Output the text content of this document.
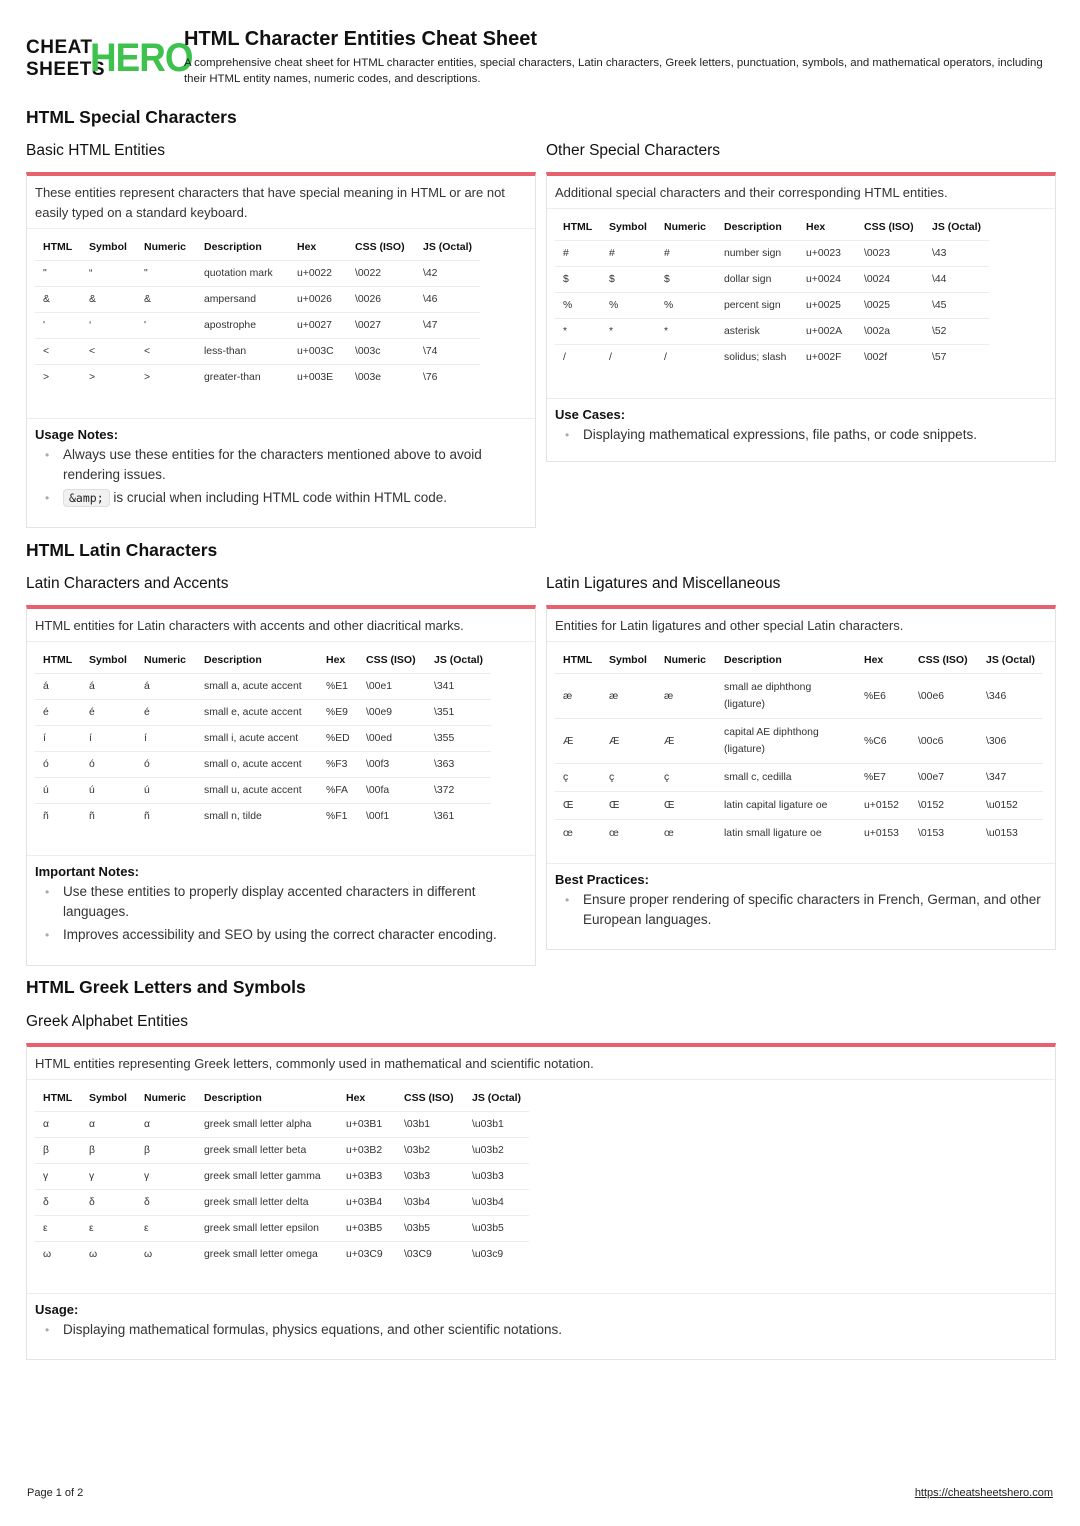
CHEAT
SHEETS
HERO
HTML Character Entities Cheat Sheet
A comprehensive cheat sheet for HTML character entities, special characters, Latin characters, Greek letters, punctuation, symbols, and mathematical operators, including their HTML entity names, numeric codes, and descriptions.
HTML Special Characters
Basic HTML Entities
These entities represent characters that have special meaning in HTML or are not easily typed on a standard keyboard.
HTML	Symbol	Numeric	Description	Hex	CSS (ISO)	JS (Octal)
"	“	"	quotation mark	u+0022	\0022	\42
&	&	&	ampersand	u+0026	\0026	\46
'	‘	'	apostrophe	u+0027	\0027	\47
<	<	<	less-than	u+003C	\003c	\74
>	>	>	greater-than	u+003E	\003e	\76
Usage Notes:
• Always use these entities for the characters mentioned above to avoid rendering issues.
• &amp; is crucial when including HTML code within HTML code.
Other Special Characters
Additional special characters and their corresponding HTML entities.
HTML	Symbol	Numeric	Description	Hex	CSS (ISO)	JS (Octal)
#	#	#	number sign	u+0023	\0023	\43
$	$	$	dollar sign	u+0024	\0024	\44
%	%	%	percent sign	u+0025	\0025	\45
*	*	*	asterisk	u+002A	\002a	\52
/	/	/	solidus; slash	u+002F	\002f	\57
Use Cases:
• Displaying mathematical expressions, file paths, or code snippets.
HTML Latin Characters
Latin Characters and Accents
HTML entities for Latin characters with accents and other diacritical marks.
HTML	Symbol	Numeric	Description	Hex	CSS (ISO)	JS (Octal)
á	á	á	small a, acute accent	%E1	\00e1	\341
é	é	é	small e, acute accent	%E9	\00e9	\351
í	í	í	small i, acute accent	%ED	\00ed	\355
ó	ó	ó	small o, acute accent	%F3	\00f3	\363
ú	ú	ú	small u, acute accent	%FA	\00fa	\372
ñ	ñ	ñ	small n, tilde	%F1	\00f1	\361
Important Notes:
• Use these entities to properly display accented characters in different languages.
• Improves accessibility and SEO by using the correct character encoding.
Latin Ligatures and Miscellaneous
Entities for Latin ligatures and other special Latin characters.
HTML	Symbol	Numeric	Description	Hex	CSS (ISO)	JS (Octal)
æ	æ	æ	small ae diphthong (ligature)	%E6	\00e6	\346
Æ	Æ	Æ	capital AE diphthong (ligature)	%C6	\00c6	\306
ç	ç	ç	small c, cedilla	%E7	\00e7	\347
Œ	Œ	Œ	latin capital ligature oe	u+0152	\0152	\u0152
œ	œ	œ	latin small ligature oe	u+0153	\0153	\u0153
Best Practices:
• Ensure proper rendering of specific characters in French, German, and other European languages.
HTML Greek Letters and Symbols
Greek Alphabet Entities
HTML entities representing Greek letters, commonly used in mathematical and scientific notation.
HTML	Symbol	Numeric	Description	Hex	CSS (ISO)	JS (Octal)
α	α	α	greek small letter alpha	u+03B1	\03b1	\u03b1
β	β	β	greek small letter beta	u+03B2	\03b2	\u03b2
γ	γ	γ	greek small letter gamma	u+03B3	\03b3	\u03b3
δ	δ	δ	greek small letter delta	u+03B4	\03b4	\u03b4
ε	ε	ε	greek small letter epsilon	u+03B5	\03b5	\u03b5
ω	ω	ω	greek small letter omega	u+03C9	\03C9	\u03c9
Usage:
• Displaying mathematical formulas, physics equations, and other scientific notations.
Page 1 of 2	https://cheatsheetshero.com
